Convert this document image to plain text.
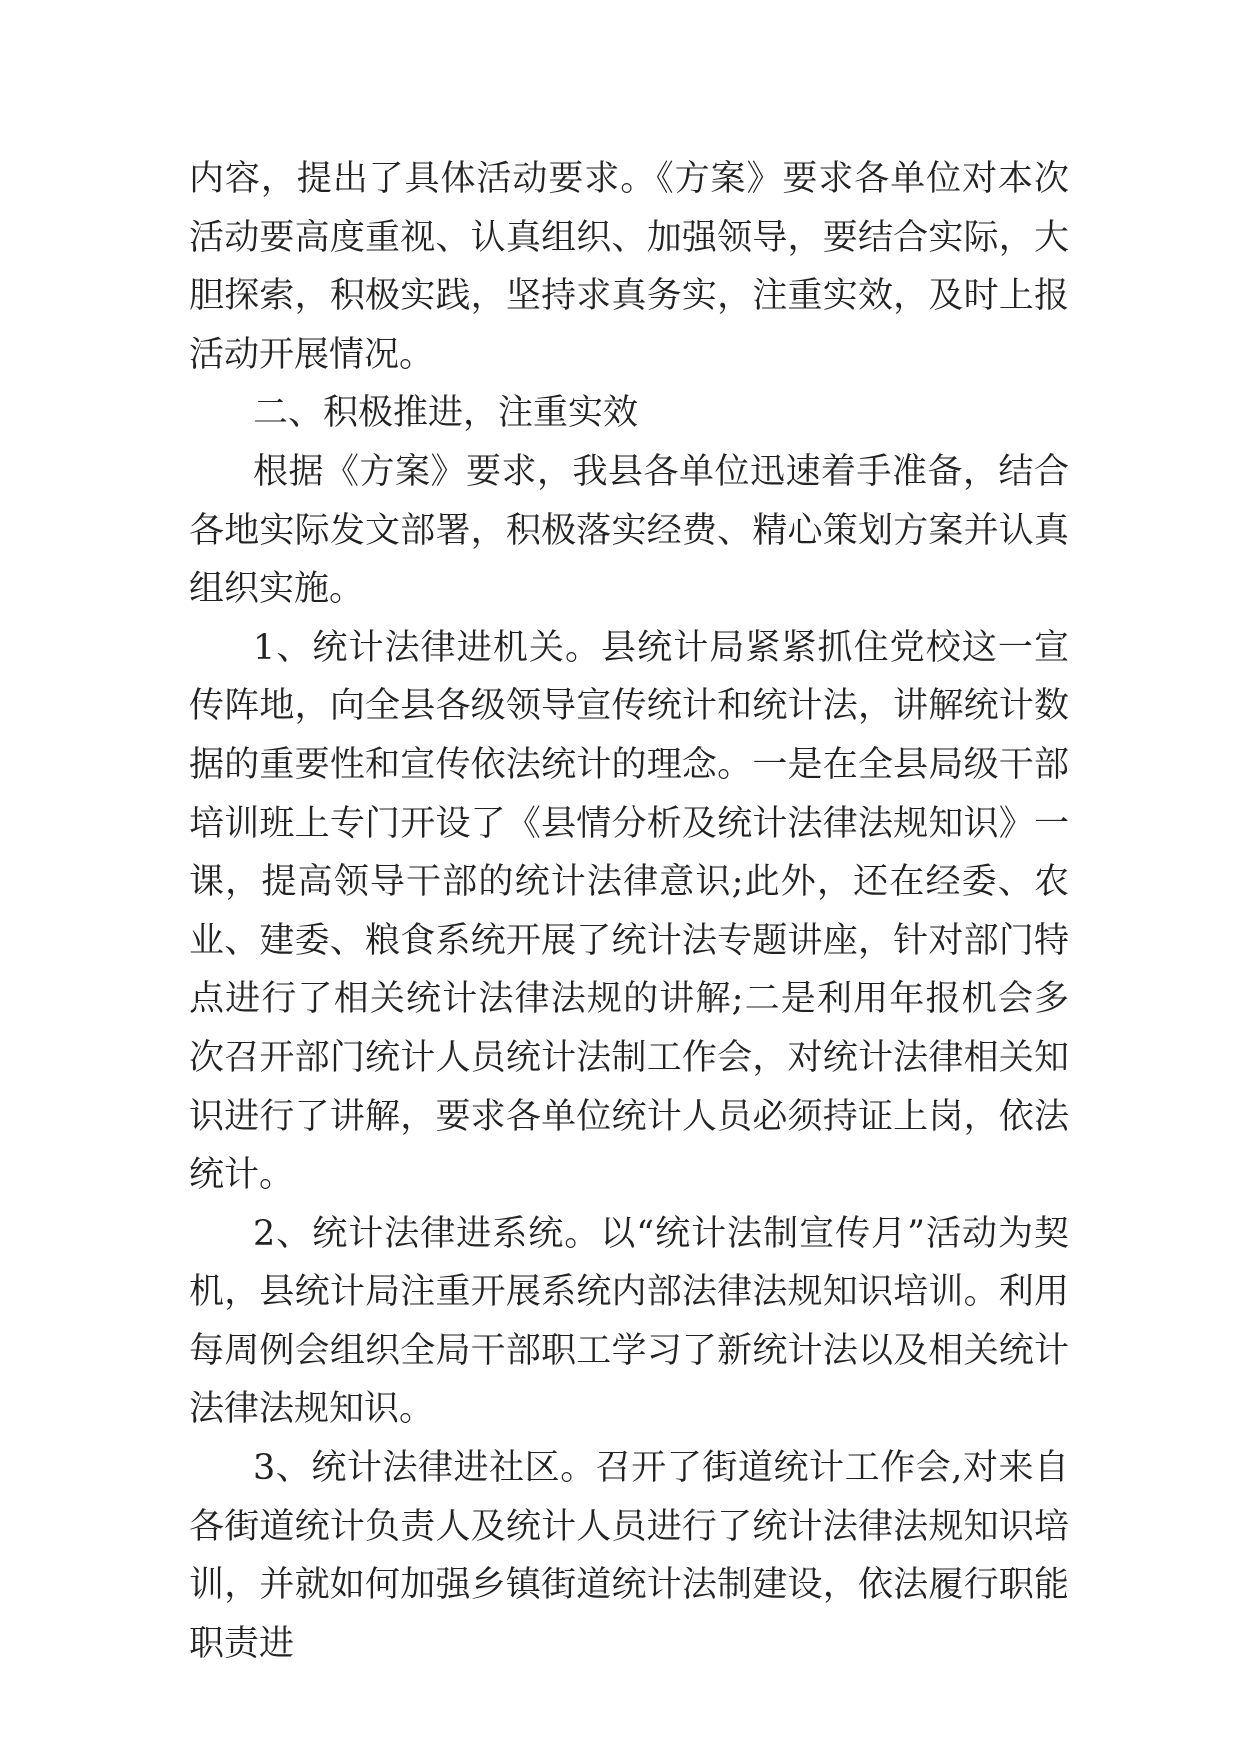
内容，提出了具体活动要求。《方案》要求各单位对本次活动要高度重视、认真组织、加强领导，要结合实际，大胆探索，积极实践，坚持求真务实，注重实效，及时上报活动开展情况。

二、积极推进，注重实效

根据《方案》要求，我县各单位迅速着手准备，结合各地实际发文部署，积极落实经费、精心策划方案并认真组织实施。

1、统计法律进机关。县统计局紧紧抓住党校这一宣传阵地，向全县各级领导宣传统计和统计法，讲解统计数据的重要性和宣传依法统计的理念。一是在全县局级干部培训班上专门开设了《县情分析及统计法律法规知识》一课，提高领导干部的统计法律意识;此外，还在经委、农业、建委、粮食系统开展了统计法专题讲座，针对部门特点进行了相关统计法律法规的讲解;二是利用年报机会多次召开部门统计人员统计法制工作会，对统计法律相关知识进行了讲解，要求各单位统计人员必须持证上岗，依法统计。

2、统计法律进系统。以“统计法制宣传月”活动为契机，县统计局注重开展系统内部法律法规知识培训。利用每周例会组织全局干部职工学习了新统计法以及相关统计法律法规知识。

3、统计法律进社区。召开了街道统计工作会,对来自各街道统计负责人及统计人员进行了统计法律法规知识培训，并就如何加强乡镇街道统计法制建设，依法履行职能职责进
